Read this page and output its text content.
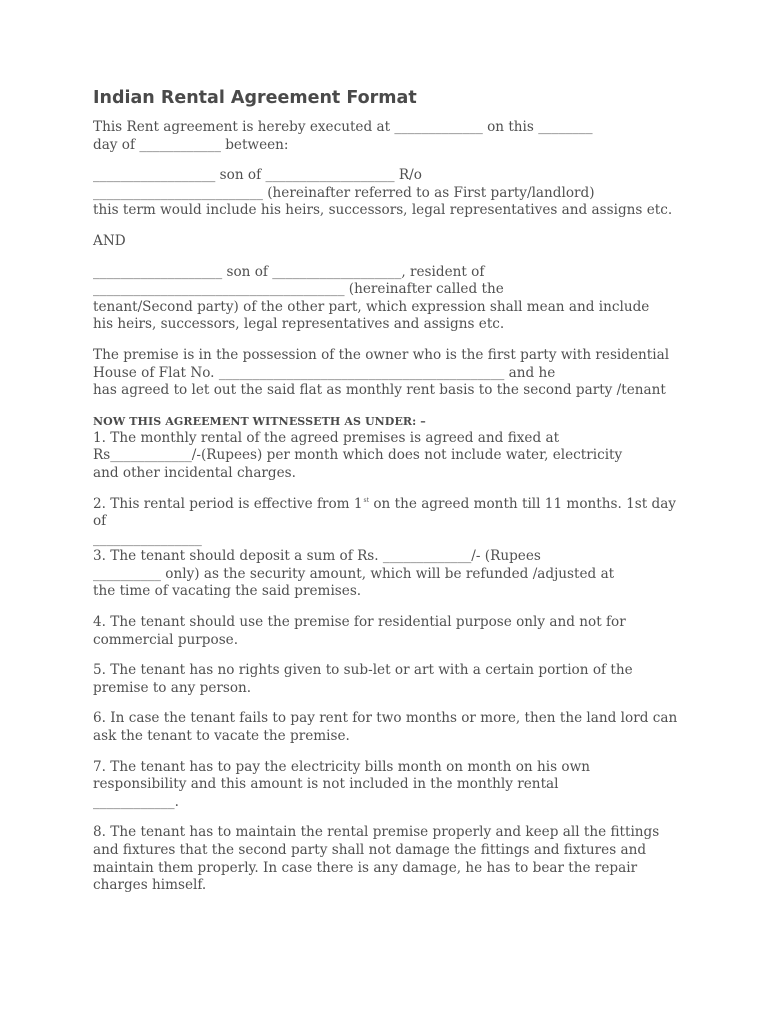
Indian Rental Agreement Format

This Rent agreement is hereby executed at _____________ on this ________
day of ____________ between:

__________________ son of ___________________ R/o
_________________________ (hereinafter referred to as First party/landlord)
this term would include his heirs, successors, legal representatives and assigns etc.

AND

___________________ son of ___________________, resident of
_____________________________________ (hereinafter called the
tenant/Second party) of the other part, which expression shall mean and include
his heirs, successors, legal representatives and assigns etc.

The premise is in the possession of the owner who is the first party with residential
House of Flat No. __________________________________________ and he
has agreed to let out the said flat as monthly rent basis to the second party /tenant

NOW THIS AGREEMENT WITNESSETH AS UNDER: –

1. The monthly rental of the agreed premises is agreed and fixed at
Rs____________/-(Rupees) per month which does not include water, electricity
and other incidental charges.

2. This rental period is effective from 1st on the agreed month till 11 months. 1st day of
________________

3. The tenant should deposit a sum of Rs. _____________/- (Rupees
__________ only) as the security amount, which will be refunded /adjusted at
the time of vacating the said premises.

4. The tenant should use the premise for residential purpose only and not for
commercial purpose.

5. The tenant has no rights given to sub-let or art with a certain portion of the
premise to any person.

6. In case the tenant fails to pay rent for two months or more, then the land lord can
ask the tenant to vacate the premise.

7. The tenant has to pay the electricity bills month on month on his own
responsibility and this amount is not included in the monthly rental
____________.

8. The tenant has to maintain the rental premise properly and keep all the fittings
and fixtures that the second party shall not damage the fittings and fixtures and
maintain them properly. In case there is any damage, he has to bear the repair
charges himself.
